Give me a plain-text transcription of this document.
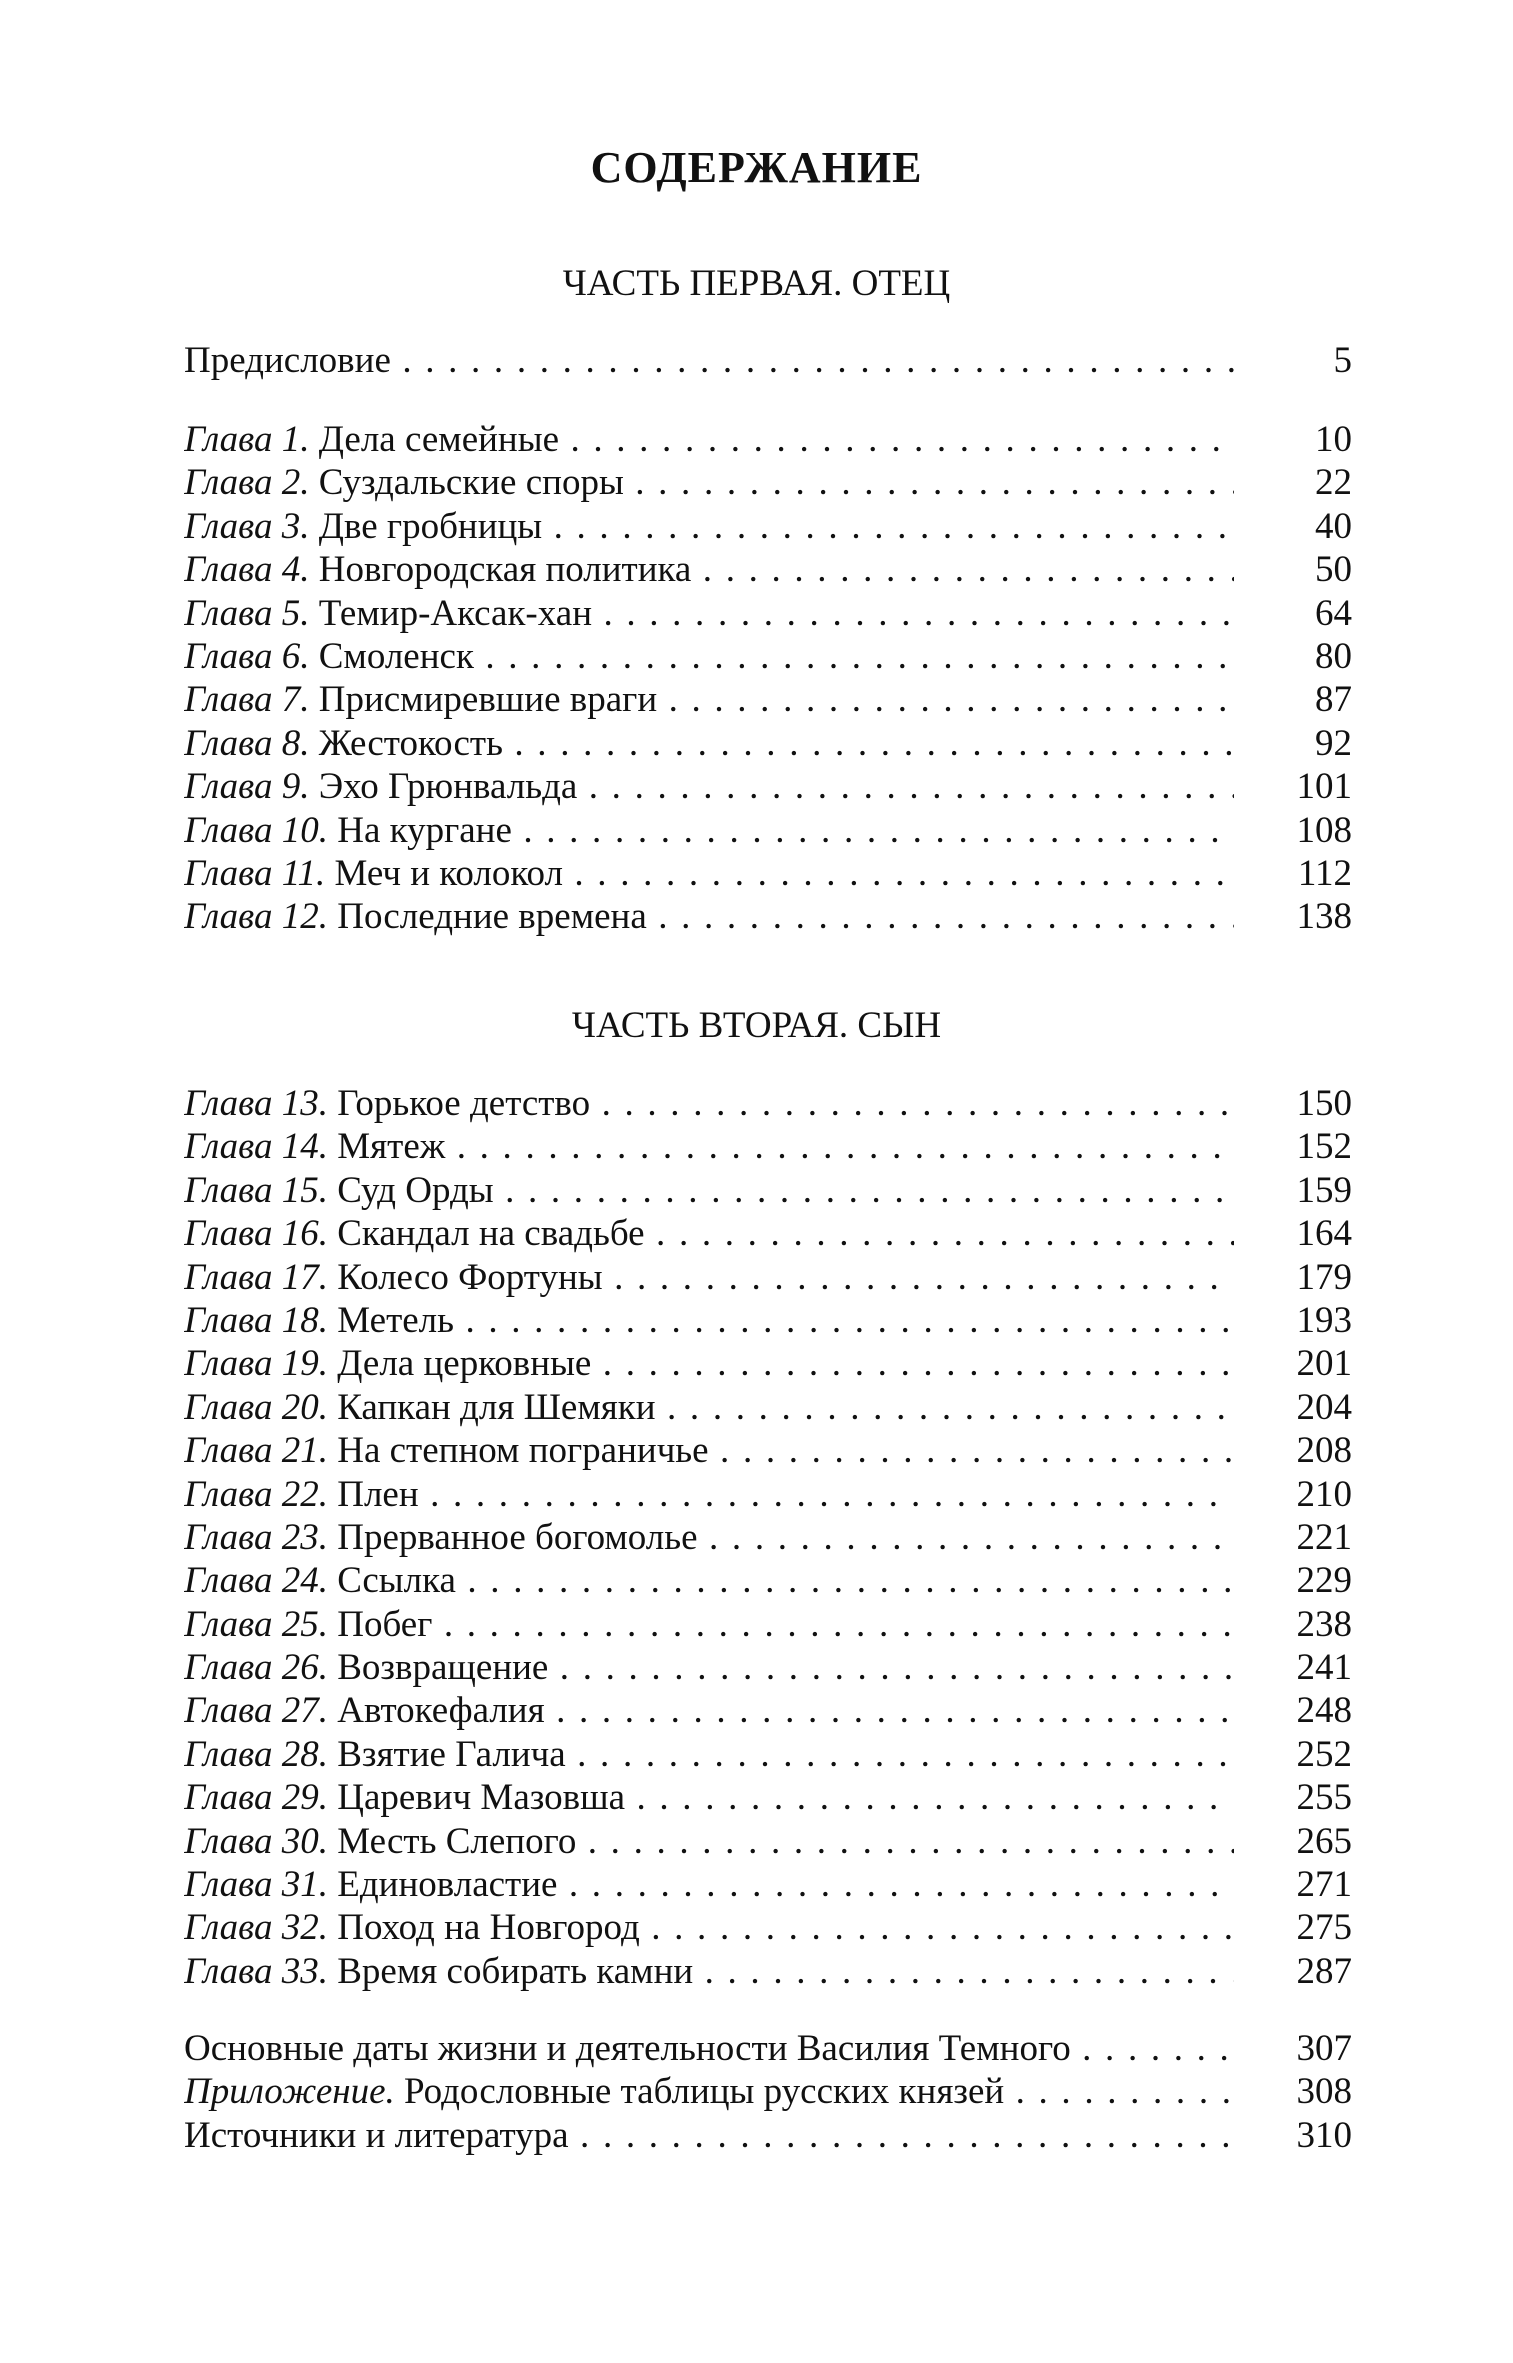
СОДЕРЖАНИЕ
ЧАСТЬ ПЕРВАЯ. ОТЕЦ
Предисловие . . .	5
Глава 1. Дела семейные . . .	10
Глава 2. Суздальские споры . . .	22
Глава 3. Две гробницы . . .	40
Глава 4. Новгородская политика . . .	50
Глава 5. Темир-Аксак-хан . . .	64
Глава 6. Смоленск . . .	80
Глава 7. Присмиревшие враги . . .	87
Глава 8. Жестокость . . .	92
Глава 9. Эхо Грюнвальда . . .	101
Глава 10. На кургане . . .	108
Глава 11. Меч и колокол . . .	112
Глава 12. Последние времена . . .	138
ЧАСТЬ ВТОРАЯ. СЫН
Глава 13. Горькое детство . . .	150
Глава 14. Мятеж . . .	152
Глава 15. Суд Орды . . .	159
Глава 16. Скандал на свадьбе . . .	164
Глава 17. Колесо Фортуны . . .	179
Глава 18. Метель . . .	193
Глава 19. Дела церковные . . .	201
Глава 20. Капкан для Шемяки . . .	204
Глава 21. На степном пограничье . . .	208
Глава 22. Плен . . .	210
Глава 23. Прерванное богомолье . . .	221
Глава 24. Ссылка . . .	229
Глава 25. Побег . . .	238
Глава 26. Возвращение . . .	241
Глава 27. Автокефалия . . .	248
Глава 28. Взятие Галича . . .	252
Глава 29. Царевич Мазовша . . .	255
Глава 30. Месть Слепого . . .	265
Глава 31. Единовластие . . .	271
Глава 32. Поход на Новгород . . .	275
Глава 33. Время собирать камни . . .	287
Основные даты жизни и деятельности Василия Темного . . .	307
Приложение. Родословные таблицы русских князей . . .	308
Источники и литература . . .	310
